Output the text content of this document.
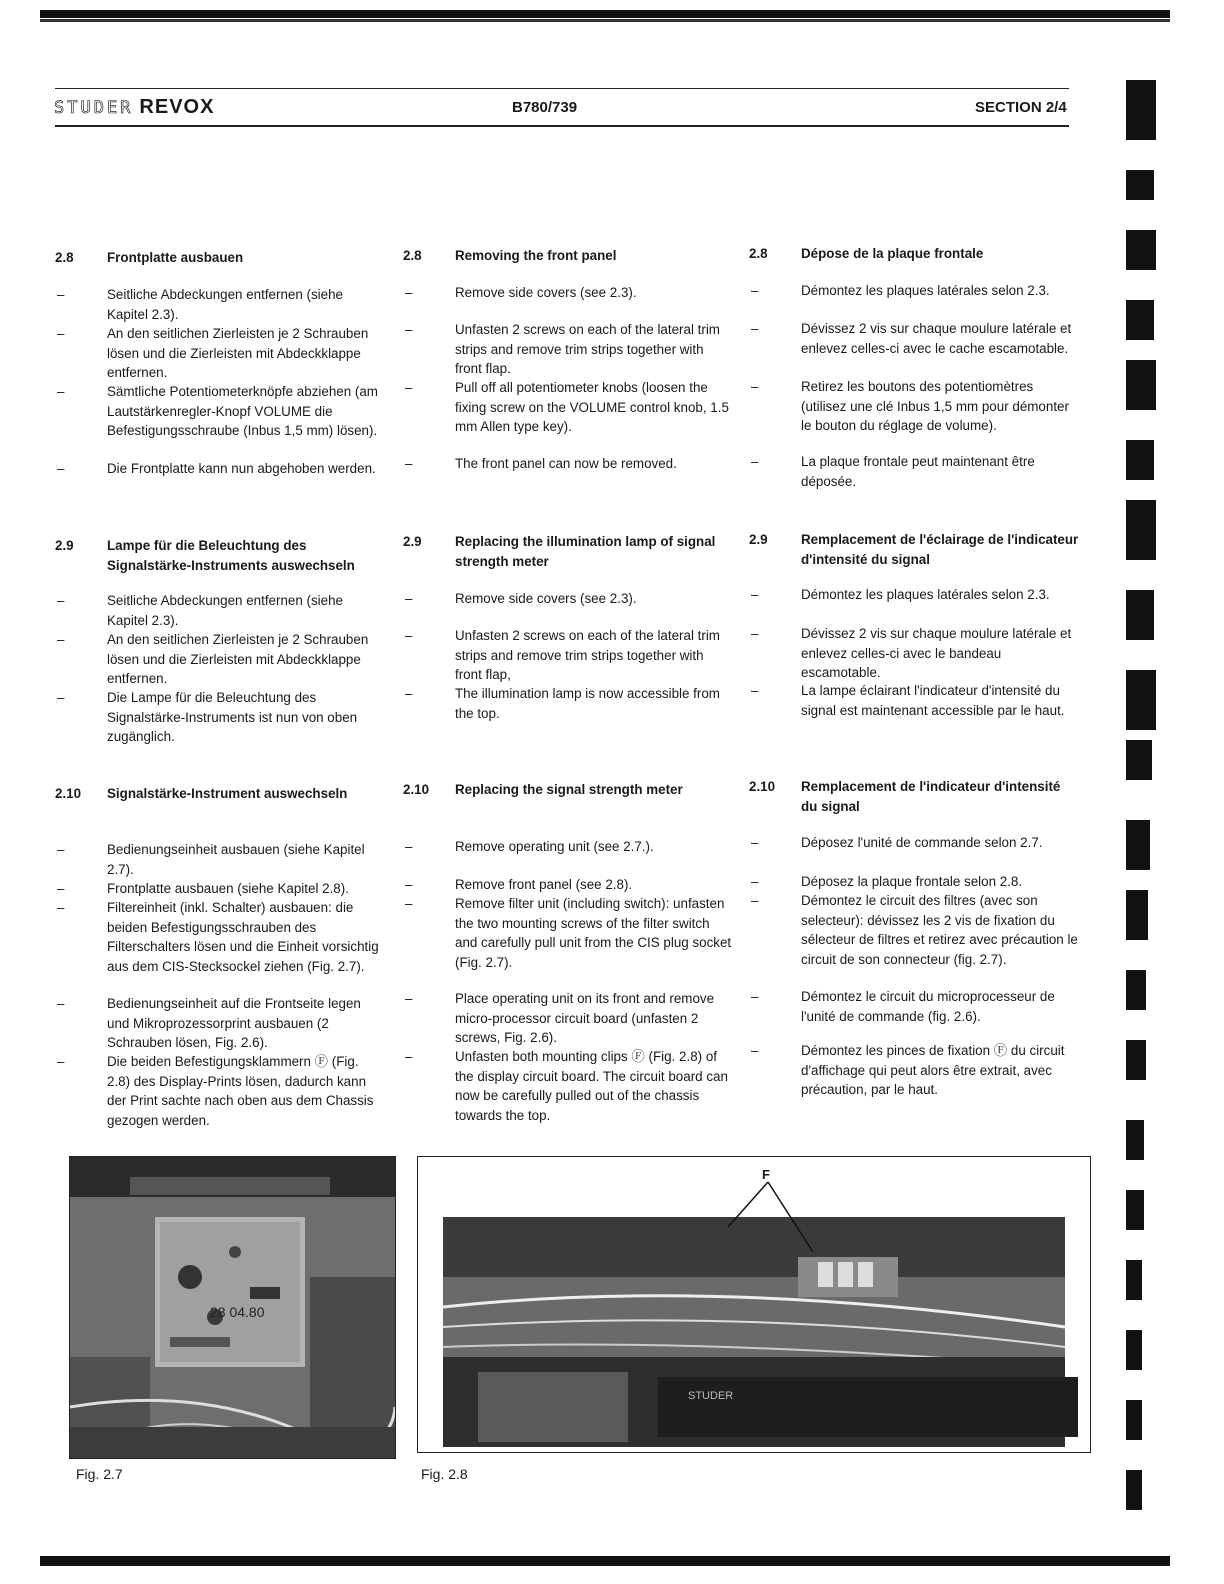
STUDER REVOX	B780/739	SECTION 2/4
2.8 Frontplatte ausbauen
–	Seitliche Abdeckungen entfernen (siehe Kapitel 2.3).
–	An den seitlichen Zierleisten je 2 Schrauben lösen und die Zierleisten mit Abdeckklappe entfernen.
–	Sämtliche Potentiometerknöpfe abziehen (am Lautstärkenregler-Knopf VOLUME die Befestigungsschraube (Inbus 1,5 mm) lösen).
–	Die Frontplatte kann nun abgehoben werden.
2.9 Lampe für die Beleuchtung des Signalstärke-Instruments auswechseln
–	Seitliche Abdeckungen entfernen (siehe Kapitel 2.3).
–	An den seitlichen Zierleisten je 2 Schrauben lösen und die Zierleisten mit Abdeckklappe entfernen.
–	Die Lampe für die Beleuchtung des Signalstärke-Instruments ist nun von oben zugänglich.
2.10 Signalstärke-Instrument auswechseln
–	Bedienungseinheit ausbauen (siehe Kapitel 2.7).
–	Frontplatte ausbauen (siehe Kapitel 2.8).
–	Filtereinheit (inkl. Schalter) ausbauen: die beiden Befestigungsschrauben des Filterschalters lösen und die Einheit vorsichtig aus dem CIS-Stecksockel ziehen (Fig. 2.7).
–	Bedienungseinheit auf die Frontseite legen und Mikroprozessorprint ausbauen (2 Schrauben lösen, Fig. 2.6).
–	Die beiden Befestigungsklammern Ⓕ (Fig. 2.8) des Display-Prints lösen, dadurch kann der Print sachte nach oben aus dem Chassis gezogen werden.
2.8 Removing the front panel
–	Remove side covers (see 2.3).
–	Unfasten 2 screws on each of the lateral trim strips and remove trim strips together with front flap.
–	Pull off all potentiometer knobs (loosen the fixing screw on the VOLUME control knob, 1.5 mm Allen type key).
–	The front panel can now be removed.
2.9 Replacing the illumination lamp of signal strength meter
–	Remove side covers (see 2.3).
–	Unfasten 2 screws on each of the lateral trim strips and remove trim strips together with front flap,
–	The illumination lamp is now accessible from the top.
2.10 Replacing the signal strength meter
–	Remove operating unit (see 2.7.).
–	Remove front panel (see 2.8).
–	Remove filter unit (including switch): unfasten the two mounting screws of the filter switch and carefully pull unit from the CIS plug socket (Fig. 2.7).
–	Place operating unit on its front and remove micro-processor circuit board (unfasten 2 screws, Fig. 2.6).
–	Unfasten both mounting clips Ⓕ (Fig. 2.8) of the display circuit board. The circuit board can now be carefully pulled out of the chassis towards the top.
2.8 Dépose de la plaque frontale
–	Démontez les plaques latérales selon 2.3.
–	Dévissez 2 vis sur chaque moulure latérale et enlevez celles-ci avec le cache escamotable.
–	Retirez les boutons des potentiomètres (utilisez une clé Inbus 1,5 mm pour démonter le bouton du réglage de volume).
–	La plaque frontale peut maintenant être déposée.
2.9 Remplacement de l'éclairage de l'indicateur d'intensité du signal
–	Démontez les plaques latérales selon 2.3.
–	Dévissez 2 vis sur chaque moulure latérale et enlevez celles-ci avec le bandeau escamotable.
–	La lampe éclairant l'indicateur d'intensité du signal est maintenant accessible par le haut.
2.10 Remplacement de l'indicateur d'intensité du signal
–	Déposez l'unité de commande selon 2.7.
–	Déposez la plaque frontale selon 2.8.
–	Démontez le circuit des filtres (avec son selecteur): dévissez les 2 vis de fixation du sélecteur de filtres et retirez avec précaution le circuit de son connecteur (fig. 2.7).
–	Démontez le circuit du microprocesseur de l'unité de commande (fig. 2.6).
–	Démontez les pinces de fixation Ⓕ du circuit d'affichage qui peut alors être extrait, avec précaution, par le haut.
28 04.80
Fig. 2.7
STUDER
F
Fig. 2.8
